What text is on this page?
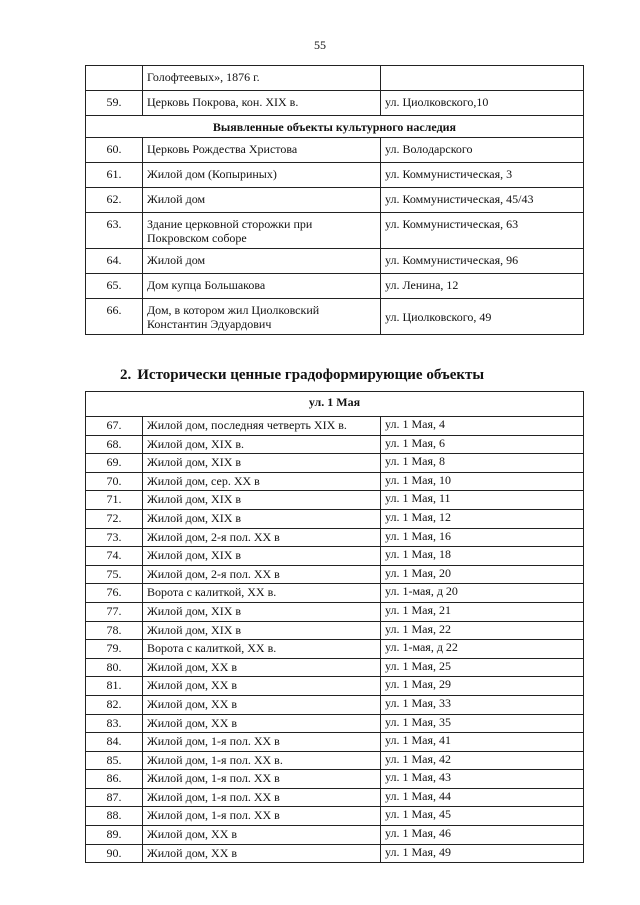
55
	Голофтеевых», 1876 г.	
59.	Церковь Покрова, кон. XIX в.	ул. Циолковского,10
Выявленные объекты культурного наследия		
60.	Церковь Рождества Христова	ул. Володарского
61.	Жилой дом (Копыриных)	ул. Коммунистическая, 3
62.	Жилой дом	ул. Коммунистическая, 45/43
63.	Здание церковной сторожки при Покровском соборе	ул. Коммунистическая, 63
64.	Жилой дом	ул. Коммунистическая, 96
65.	Дом купца Большакова	ул. Ленина, 12
66.	Дом, в котором жил Циолковский Константин Эдуардович	ул. Циолковского, 49
2. Исторически ценные градоформирующие объекты
ул. 1 Мая		
67.	Жилой дом, последняя четверть XIX в.	ул. 1 Мая, 4
68.	Жилой дом, XIX в.	ул. 1 Мая, 6
69.	Жилой дом, XIX в	ул. 1 Мая, 8
70.	Жилой дом, сер. XX в	ул. 1 Мая, 10
71.	Жилой дом, XIX в	ул. 1 Мая, 11
72.	Жилой дом, XIX в	ул. 1 Мая, 12
73.	Жилой дом, 2-я пол. XX в	ул. 1 Мая, 16
74.	Жилой дом, XIX в	ул. 1 Мая, 18
75.	Жилой дом, 2-я пол. XX в	ул. 1 Мая, 20
76.	Ворота с калиткой, XX в.	ул. 1-мая, д 20
77.	Жилой дом, XIX в	ул. 1 Мая, 21
78.	Жилой дом, XIX в	ул. 1 Мая, 22
79.	Ворота с калиткой, XX в.	ул. 1-мая, д 22
80.	Жилой дом, XX в	ул. 1 Мая, 25
81.	Жилой дом, XX в	ул. 1 Мая, 29
82.	Жилой дом, XX в	ул. 1 Мая, 33
83.	Жилой дом, XX в	ул. 1 Мая, 35
84.	Жилой дом, 1-я пол. XX в	ул. 1 Мая, 41
85.	Жилой дом, 1-я пол. XX в.	ул. 1 Мая, 42
86.	Жилой дом, 1-я пол. XX в	ул. 1 Мая, 43
87.	Жилой дом, 1-я пол. XX в	ул. 1 Мая, 44
88.	Жилой дом, 1-я пол. XX в	ул. 1 Мая, 45
89.	Жилой дом, XX в	ул. 1 Мая, 46
90.	Жилой дом, XX в	ул. 1 Мая, 49
